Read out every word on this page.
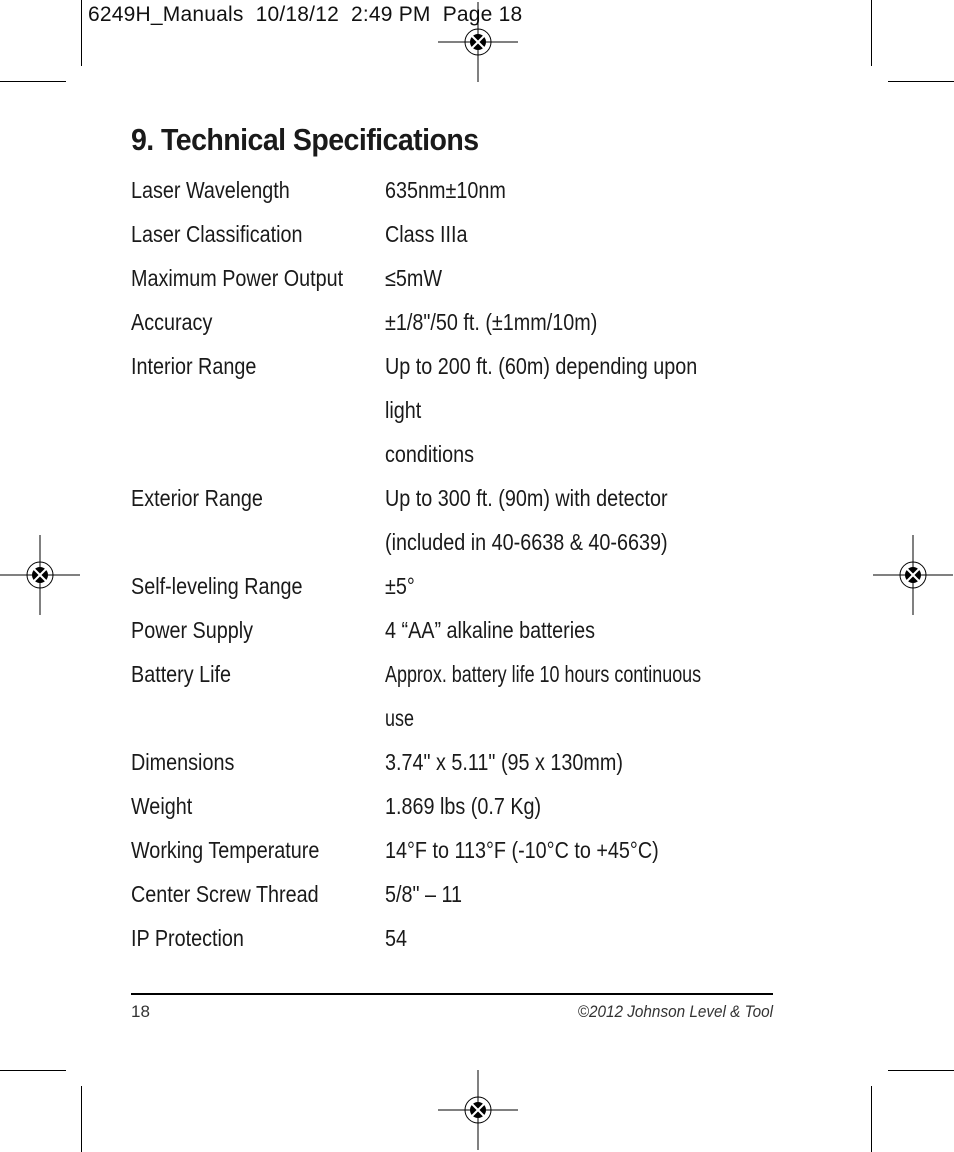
6249H_Manuals  10/18/12  2:49 PM  Page 18
9. Technical Specifications
Laser Wavelength	635nm±10nm
Laser Classification	Class IIIa
Maximum Power Output ≤5mW
Accuracy	±1/8"/50 ft. (±1mm/10m)
Interior Range	Up to 200 ft. (60m) depending upon light
conditions
Exterior Range	Up to 300 ft. (90m) with detector
(included in 40-6638 & 40-6639)
Self-leveling Range	±5°
Power Supply	4 “AA” alkaline batteries
Battery Life	Approx. battery life 10 hours continuous use
Dimensions	3.74" x 5.11" (95 x 130mm)
Weight	1.869 lbs (0.7 Kg)
Working Temperature	14°F to 113°F (-10°C to +45°C)
Center Screw Thread	5/8" – 11
IP Protection	54
18	©2012 Johnson Level & Tool
